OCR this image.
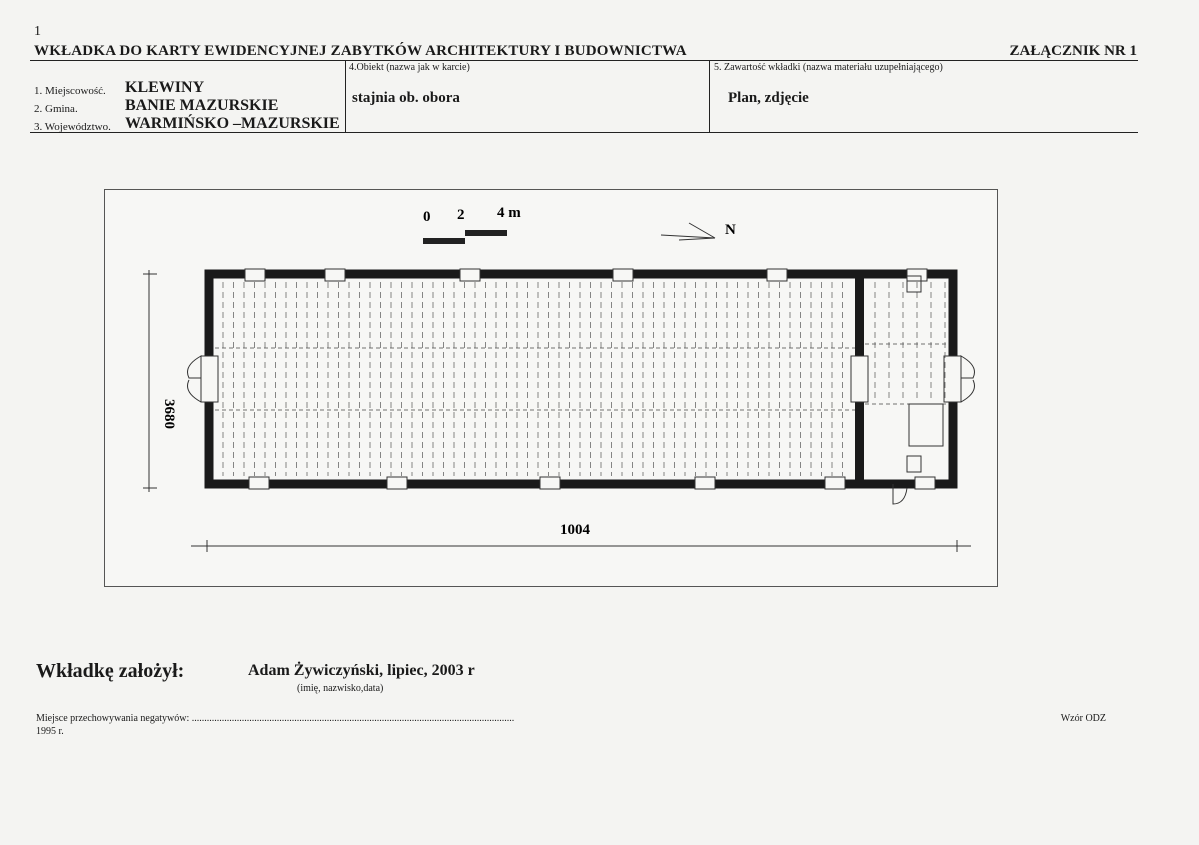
1
WKŁADKA DO KARTY EWIDENCYJNEJ ZABYTKÓW ARCHITEKTURY I BUDOWNICTWA	ZAŁĄCZNIK NR 1
1. Miejscowość. KLEWINY
2. Gmina.	BANIE MAZURSKIE
3. Województwo. WARMIŃSKO –MAZURSKIE
4.Obiekt (nazwa jak w karcie)
stajnia ob. obora
5. Zawartość wkładki (nazwa materiału uzupełniającego)
Plan, zdjęcie
0 2 4 m
N
3680
1004
Wkładkę założył:	Adam Żywiczyński, lipiec, 2003 r
(imię, nazwisko,data)
Miejsce przechowywania negatywów: .................................................................................................................................
1995 r.
Wzór ODZ
